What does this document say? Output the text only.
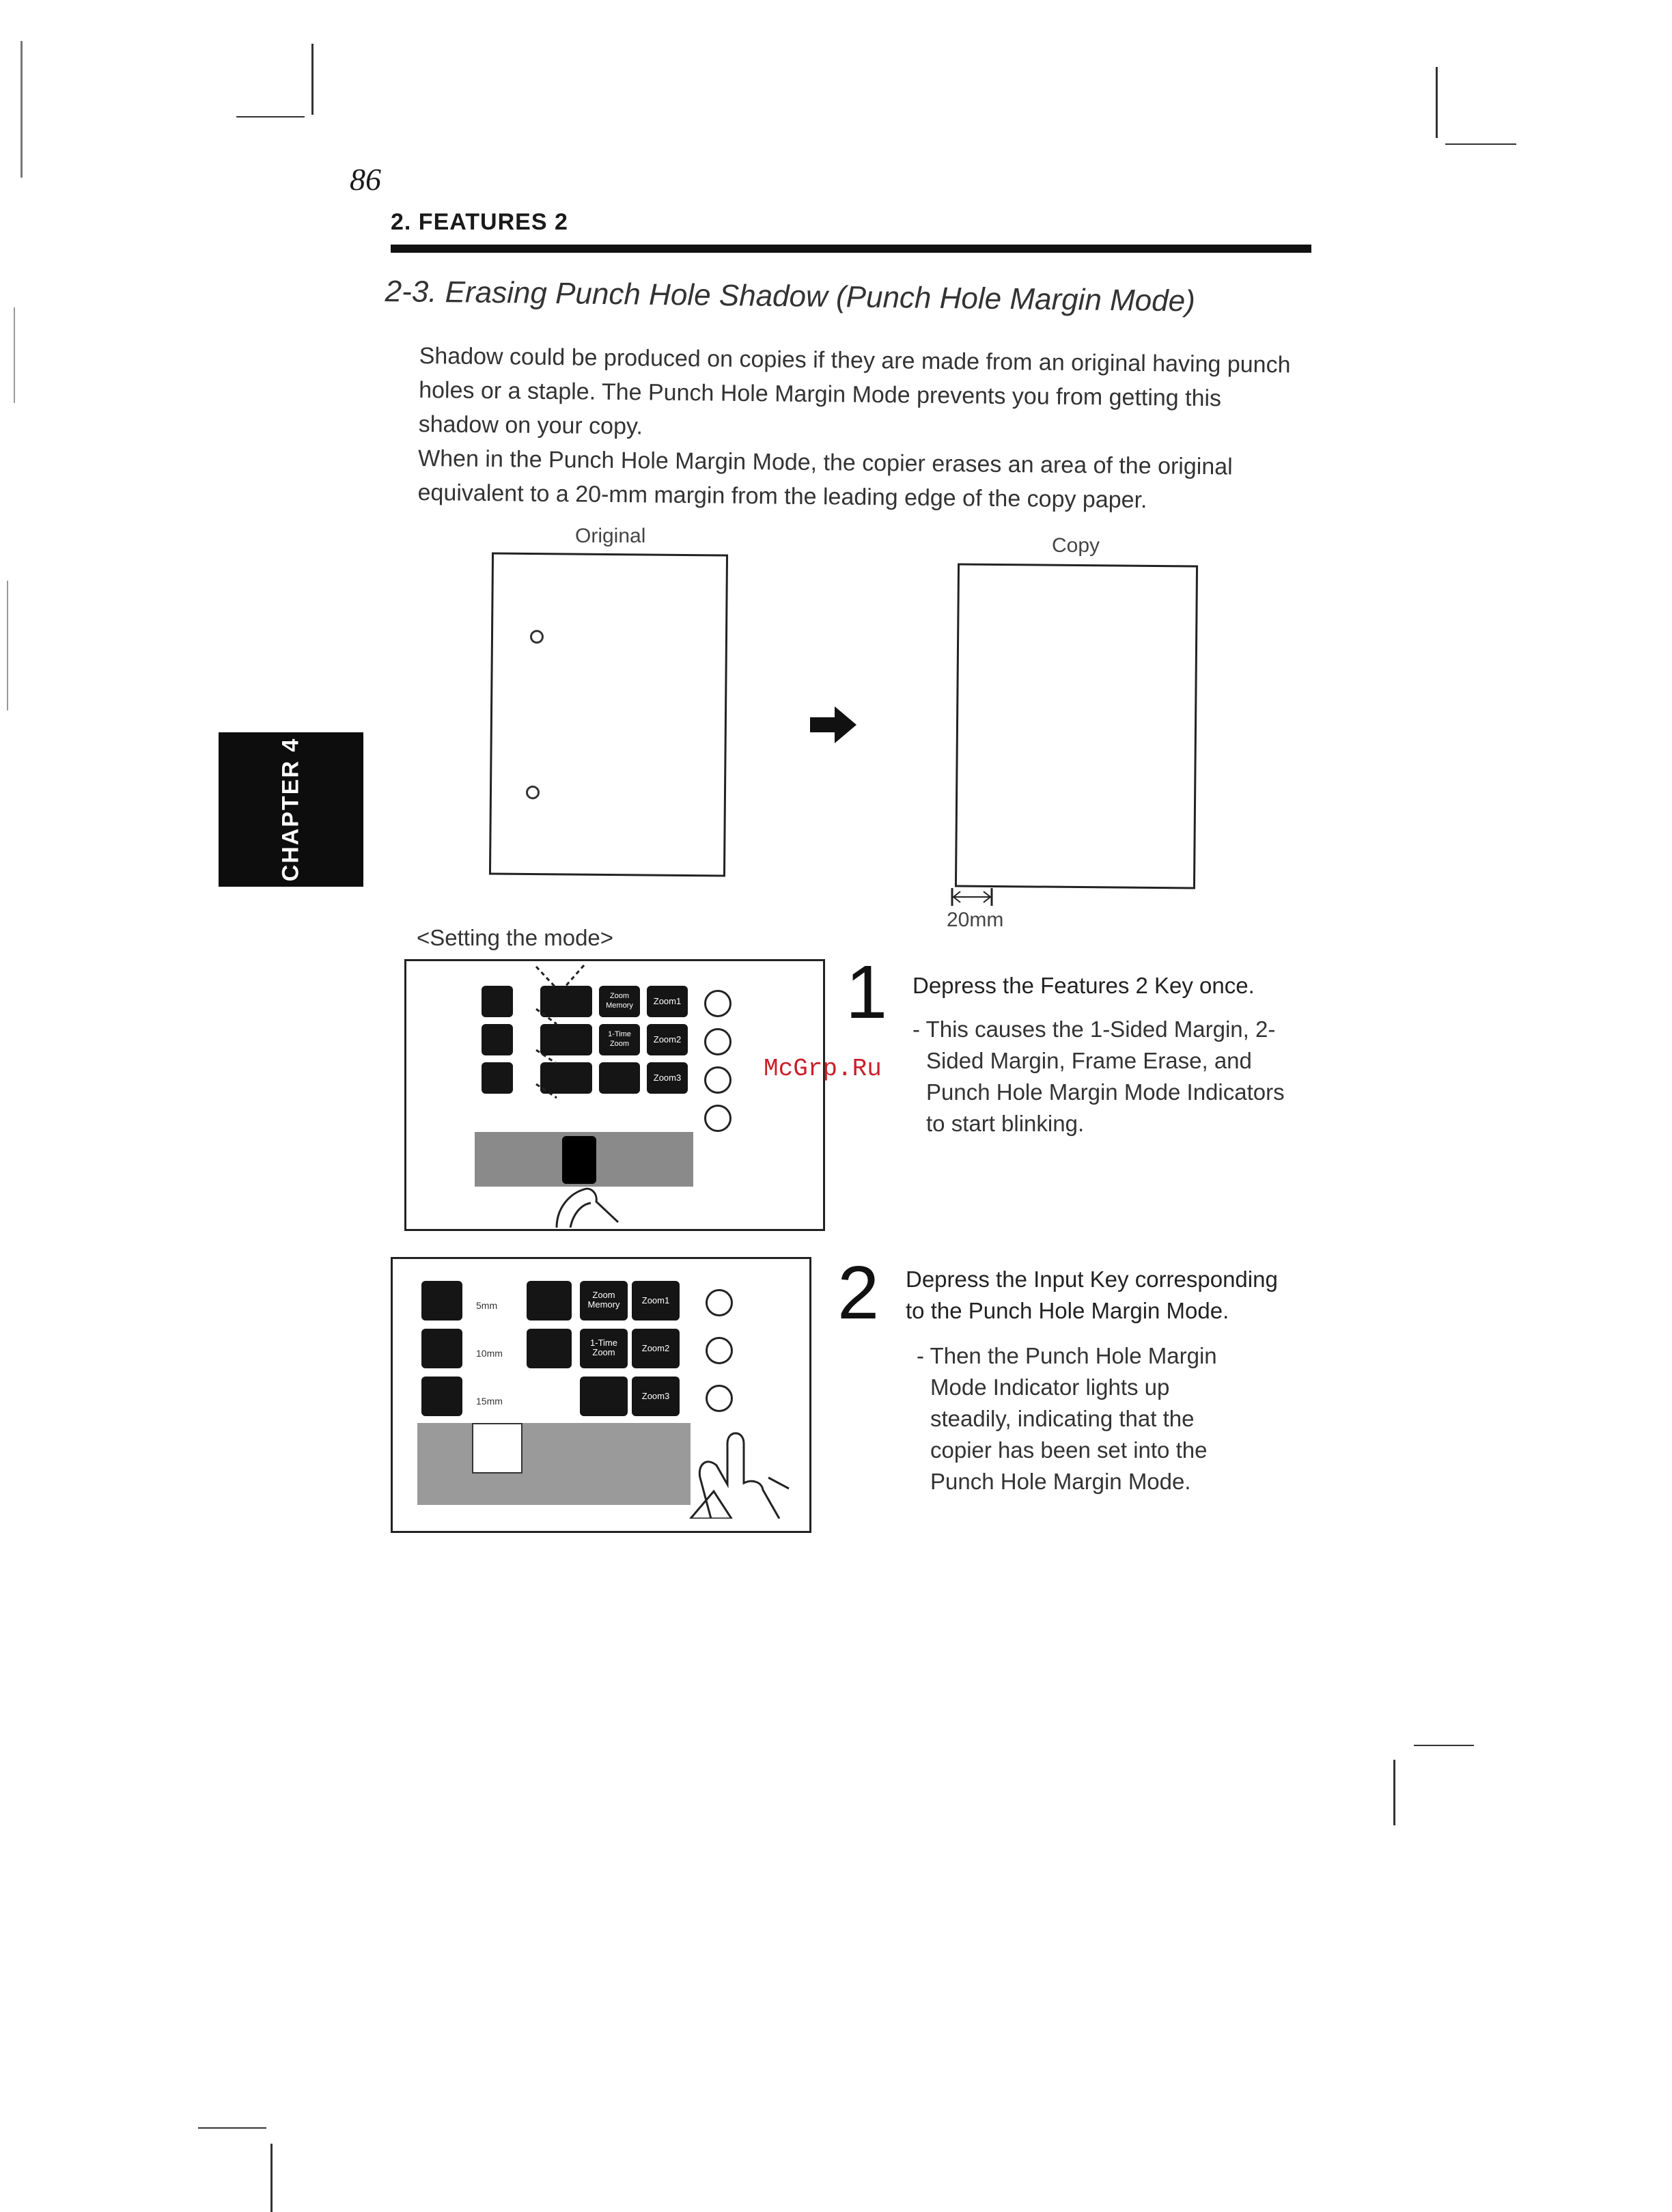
86
2. FEATURES 2
2-3. Erasing Punch Hole Shadow (Punch Hole Margin Mode)

Shadow could be produced on copies if they are made from an original having punch holes or a staple. The Punch Hole Margin Mode prevents you from getting this shadow on your copy.

When in the Punch Hole Margin Mode, the copier erases an area of the original equivalent to a 20-mm margin from the leading edge of the copy paper.

Original	Copy
20mm
CHAPTER 4
<Setting the mode>
Zoom Memory
1-Time Zoom
Zoom1
Zoom2
Zoom3
1 Depress the Features 2 Key once.

- This causes the 1-Sided Margin, 2-Sided Margin, Frame Erase, and Punch Hole Margin Mode Indicators to start blinking.

McGrp.Ru
5mm
10mm
15mm
Zoom Memory
1-Time Zoom
Zoom1
Zoom2
Zoom3
2 Depress the Input Key corresponding to the Punch Hole Margin Mode.

- Then the Punch Hole Margin Mode Indicator lights up steadily, indicating that the copier has been set into the Punch Hole Margin Mode.
